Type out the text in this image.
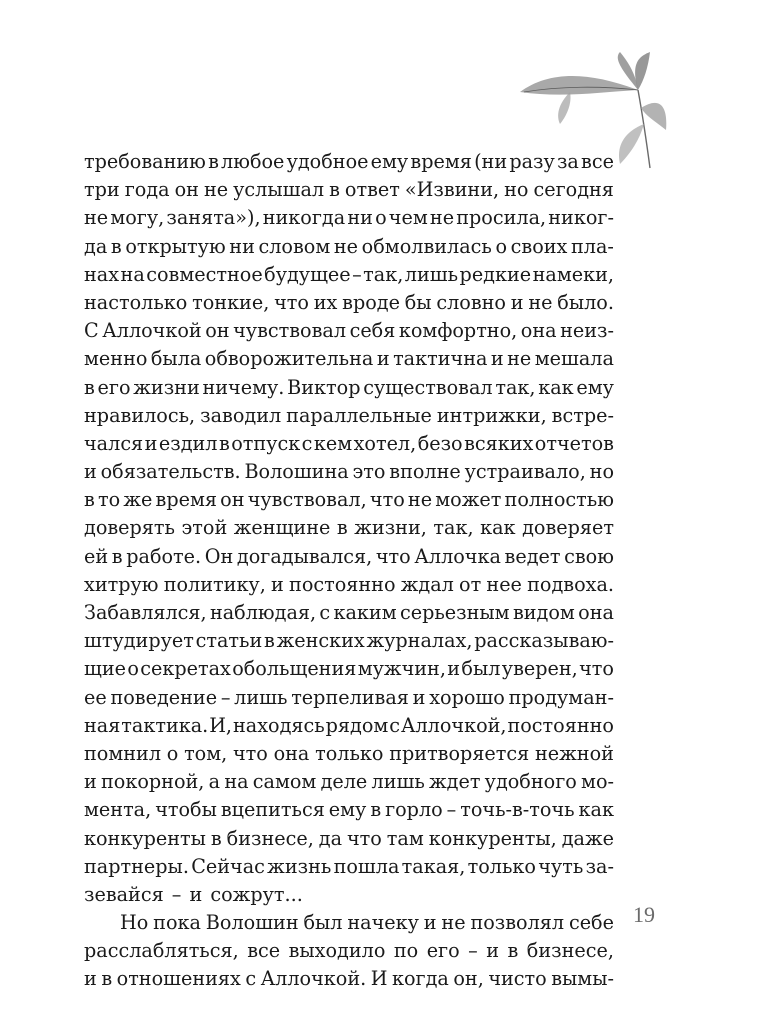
требованию в любое удобное ему время (ни разу за все
три года он не услышал в ответ «Извини, но сегодня
не могу, занята»), никогда ни о чем не просила, никог-
да в открытую ни словом не обмолвилась о своих пла-
нах на совместное будущее – так, лишь редкие намеки,
настолько тонкие, что их вроде бы словно и не было.
С Аллочкой он чувствовал себя комфортно, она неиз-
менно была обворожительна и тактична и не мешала
в его жизни ничему. Виктор существовал так, как ему
нравилось, заводил параллельные интрижки, встре-
чался и ездил в отпуск с кем хотел, безо всяких отчетов
и обязательств. Волошина это вполне устраивало, но
в то же время он чувствовал, что не может полностью
доверять этой женщине в жизни, так, как доверяет
ей в работе. Он догадывался, что Аллочка ведет свою
хитрую политику, и постоянно ждал от нее подвоха.
Забавлялся, наблюдая, с каким серьезным видом она
штудирует статьи в женских журналах, рассказываю-
щие о секретах обольщения мужчин, и был уверен, что
ее поведение – лишь терпеливая и хорошо продуман-
ная тактика. И, находясь рядом с Аллочкой, постоянно
помнил о том, что она только притворяется нежной
и покорной, а на самом деле лишь ждет удобного мо-
мента, чтобы вцепиться ему в горло – точь-в-точь как
конкуренты в бизнесе, да что там конкуренты, даже
партнеры. Сейчас жизнь пошла такая, только чуть за-
зевайся – и сожрут...
Но пока Волошин был начеку и не позволял себе
расслабляться, все выходило по его – и в бизнесе,
и в отношениях с Аллочкой. И когда он, чисто вымы-
19
